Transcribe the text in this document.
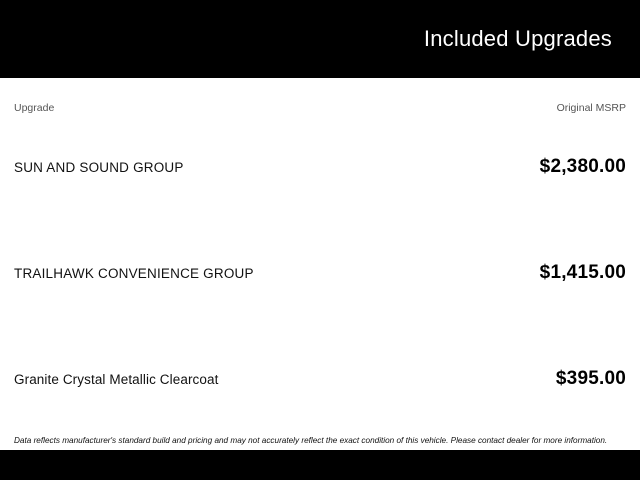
Included Upgrades
Upgrade	Original MSRP
SUN AND SOUND GROUP	$2,380.00
TRAILHAWK CONVENIENCE GROUP	$1,415.00
Granite Crystal Metallic Clearcoat	$395.00
Data reflects manufacturer's standard build and pricing and may not accurately reflect the exact condition of this vehicle. Please contact dealer for more information.
